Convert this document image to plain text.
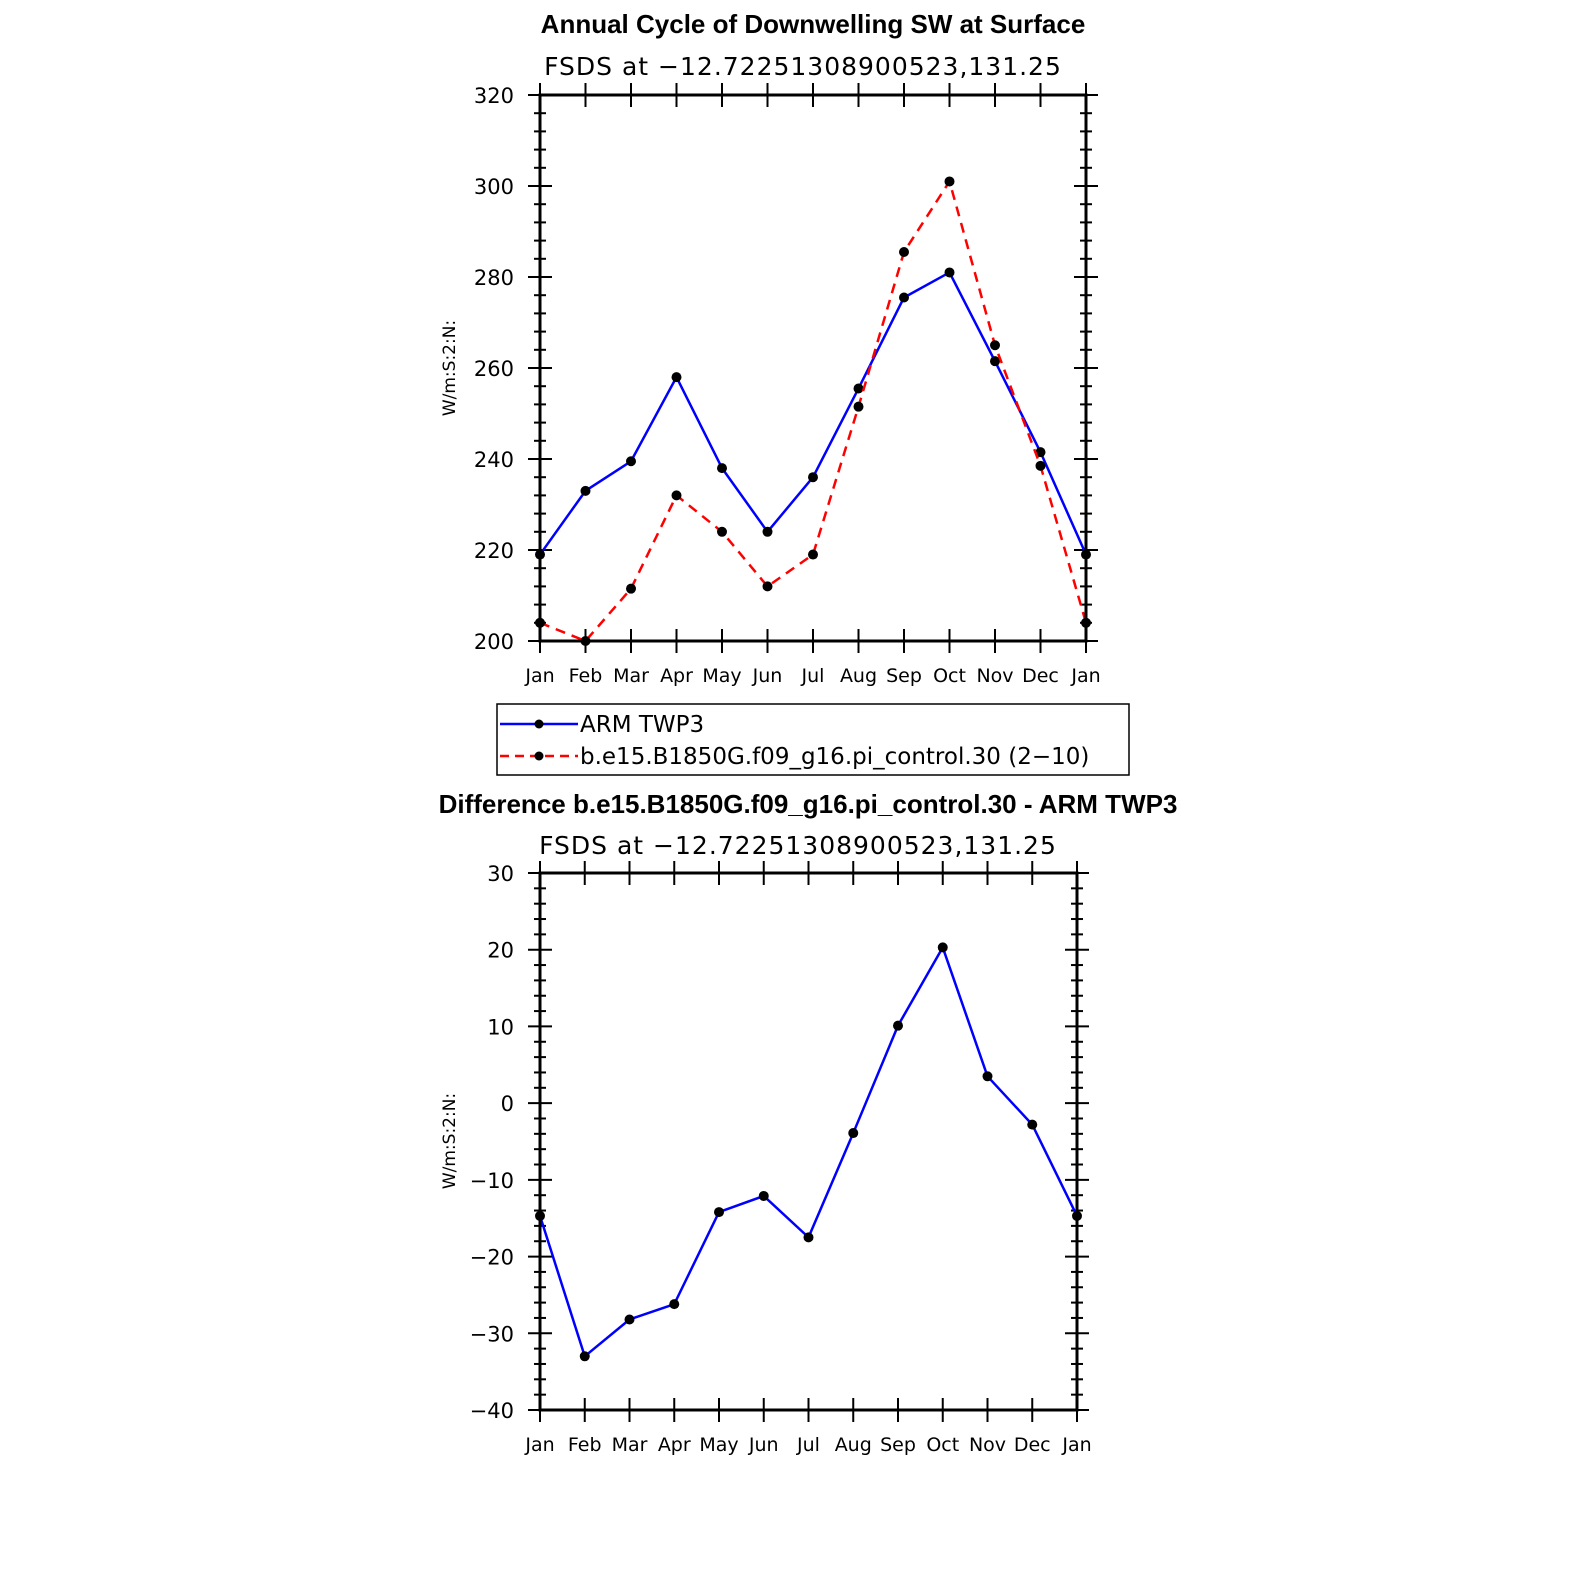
Annual Cycle of Downwelling SW at Surface
FSDS at −12.72251308900523,131.25
W/m:S:2:N:
200
220
240
260
280
300
320
Jan Feb Mar Apr May Jun Jul Aug Sep Oct Nov Dec Jan
ARM TWP3
b.e15.B1850G.f09_g16.pi_control.30 (2−10)
Difference b.e15.B1850G.f09_g16.pi_control.30 - ARM TWP3
FSDS at −12.72251308900523,131.25
W/m:S:2:N:
−40
−30
−20
−10
0
10
20
30
Jan Feb Mar Apr May Jun Jul Aug Sep Oct Nov Dec Jan
